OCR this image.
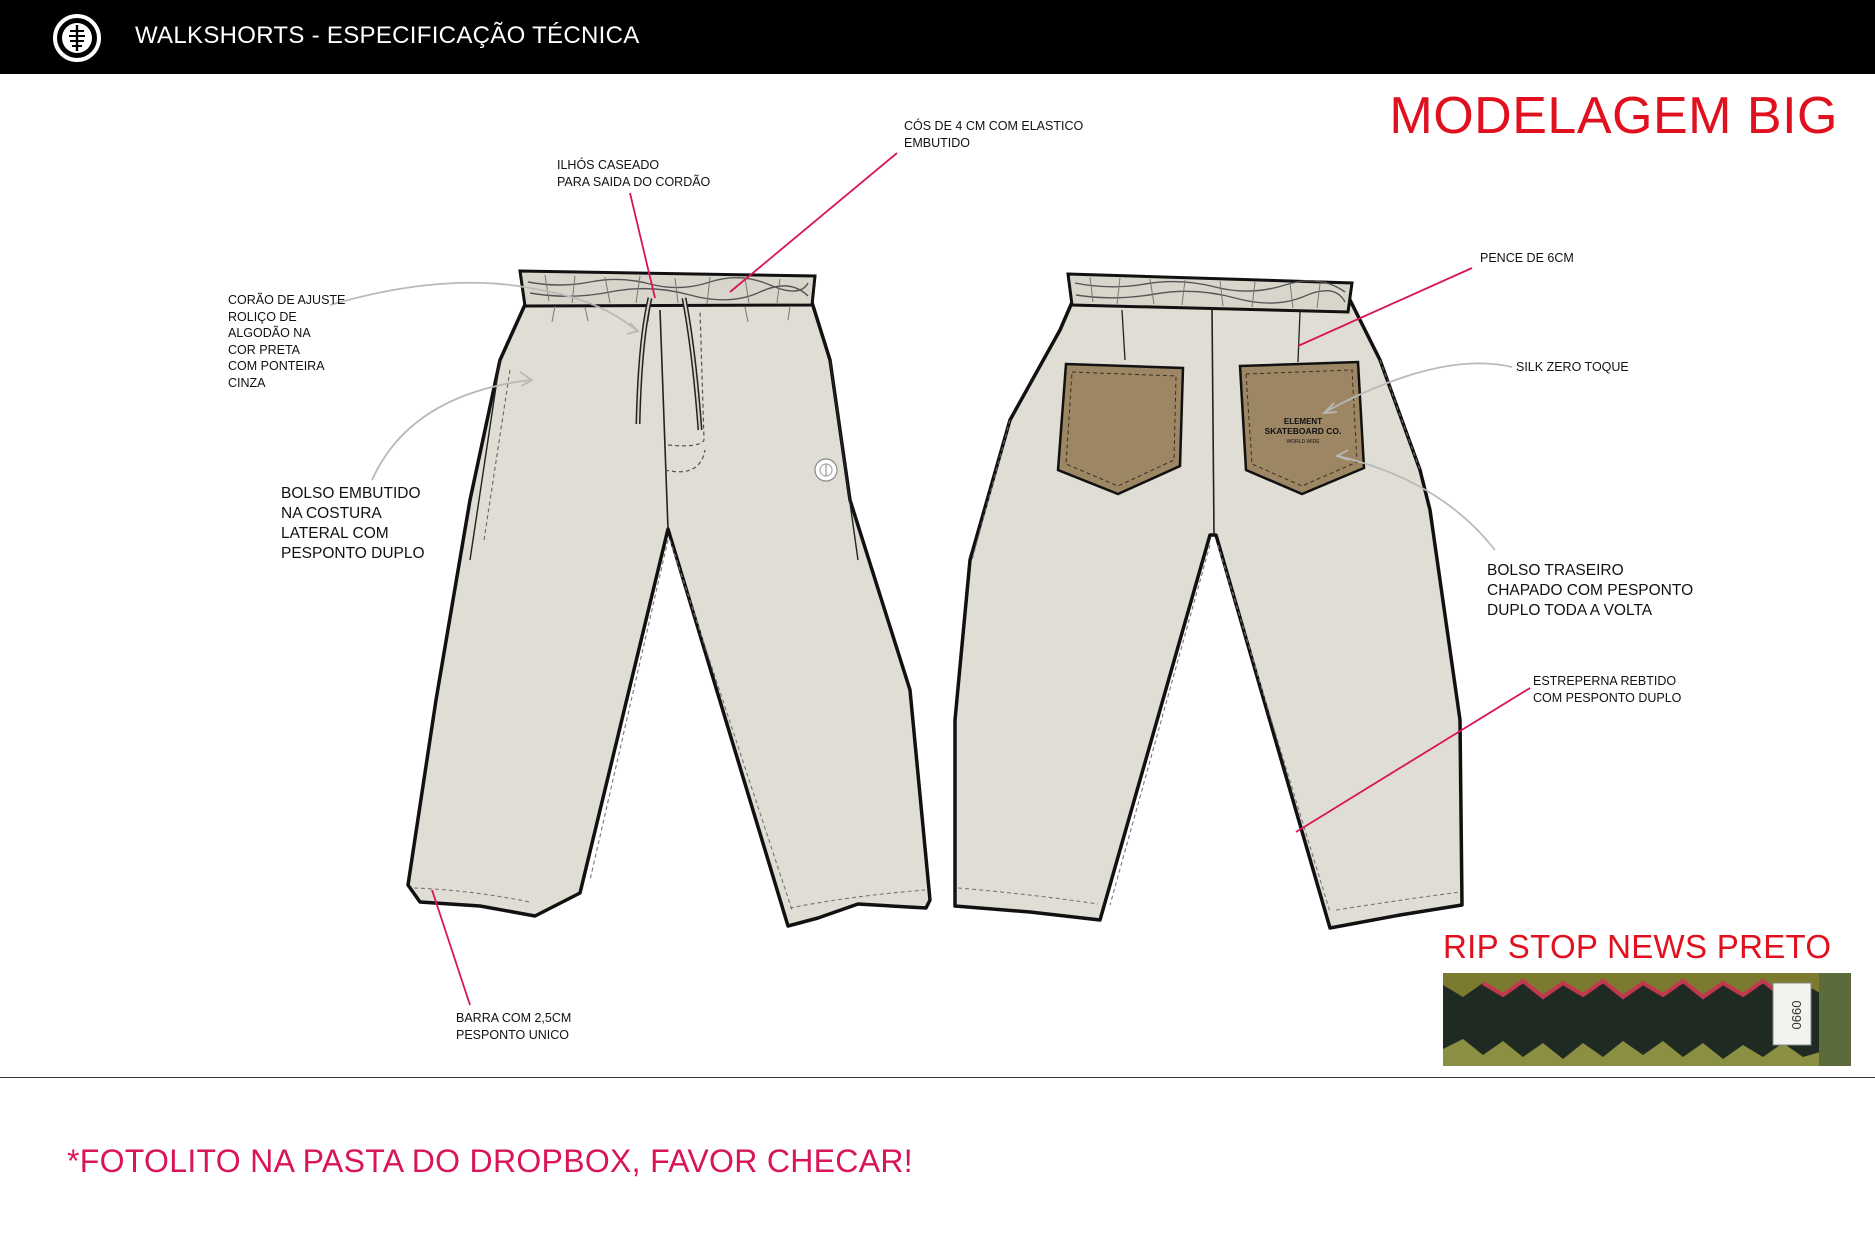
WALKSHORTS - ESPECIFICAÇÃO TÉCNICA
MODELAGEM BIG
ELEMENT
SKATEBOARD CO.
WORLD WIDE

CÓS DE 4 CM COM ELASTICO
EMBUTIDO

ILHÓS CASEADO
PARA SAIDA DO CORDÃO

CORÃO DE AJUSTE
ROLIÇO DE
ALGODÃO NA
COR PRETA
COM PONTEIRA
CINZA

BOLSO EMBUTIDO
NA COSTURA
LATERAL COM
PESPONTO DUPLO

BARRA COM 2,5CM
PESPONTO UNICO

PENCE DE 6CM

SILK ZERO TOQUE

BOLSO TRASEIRO
CHAPADO COM PESPONTO
DUPLO TODA A VOLTA

ESTREPERNA REBTIDO
COM PESPONTO DUPLO

RIP STOP NEWS PRETO
0990
*FOTOLITO NA PASTA DO DROPBOX, FAVOR CHECAR!
